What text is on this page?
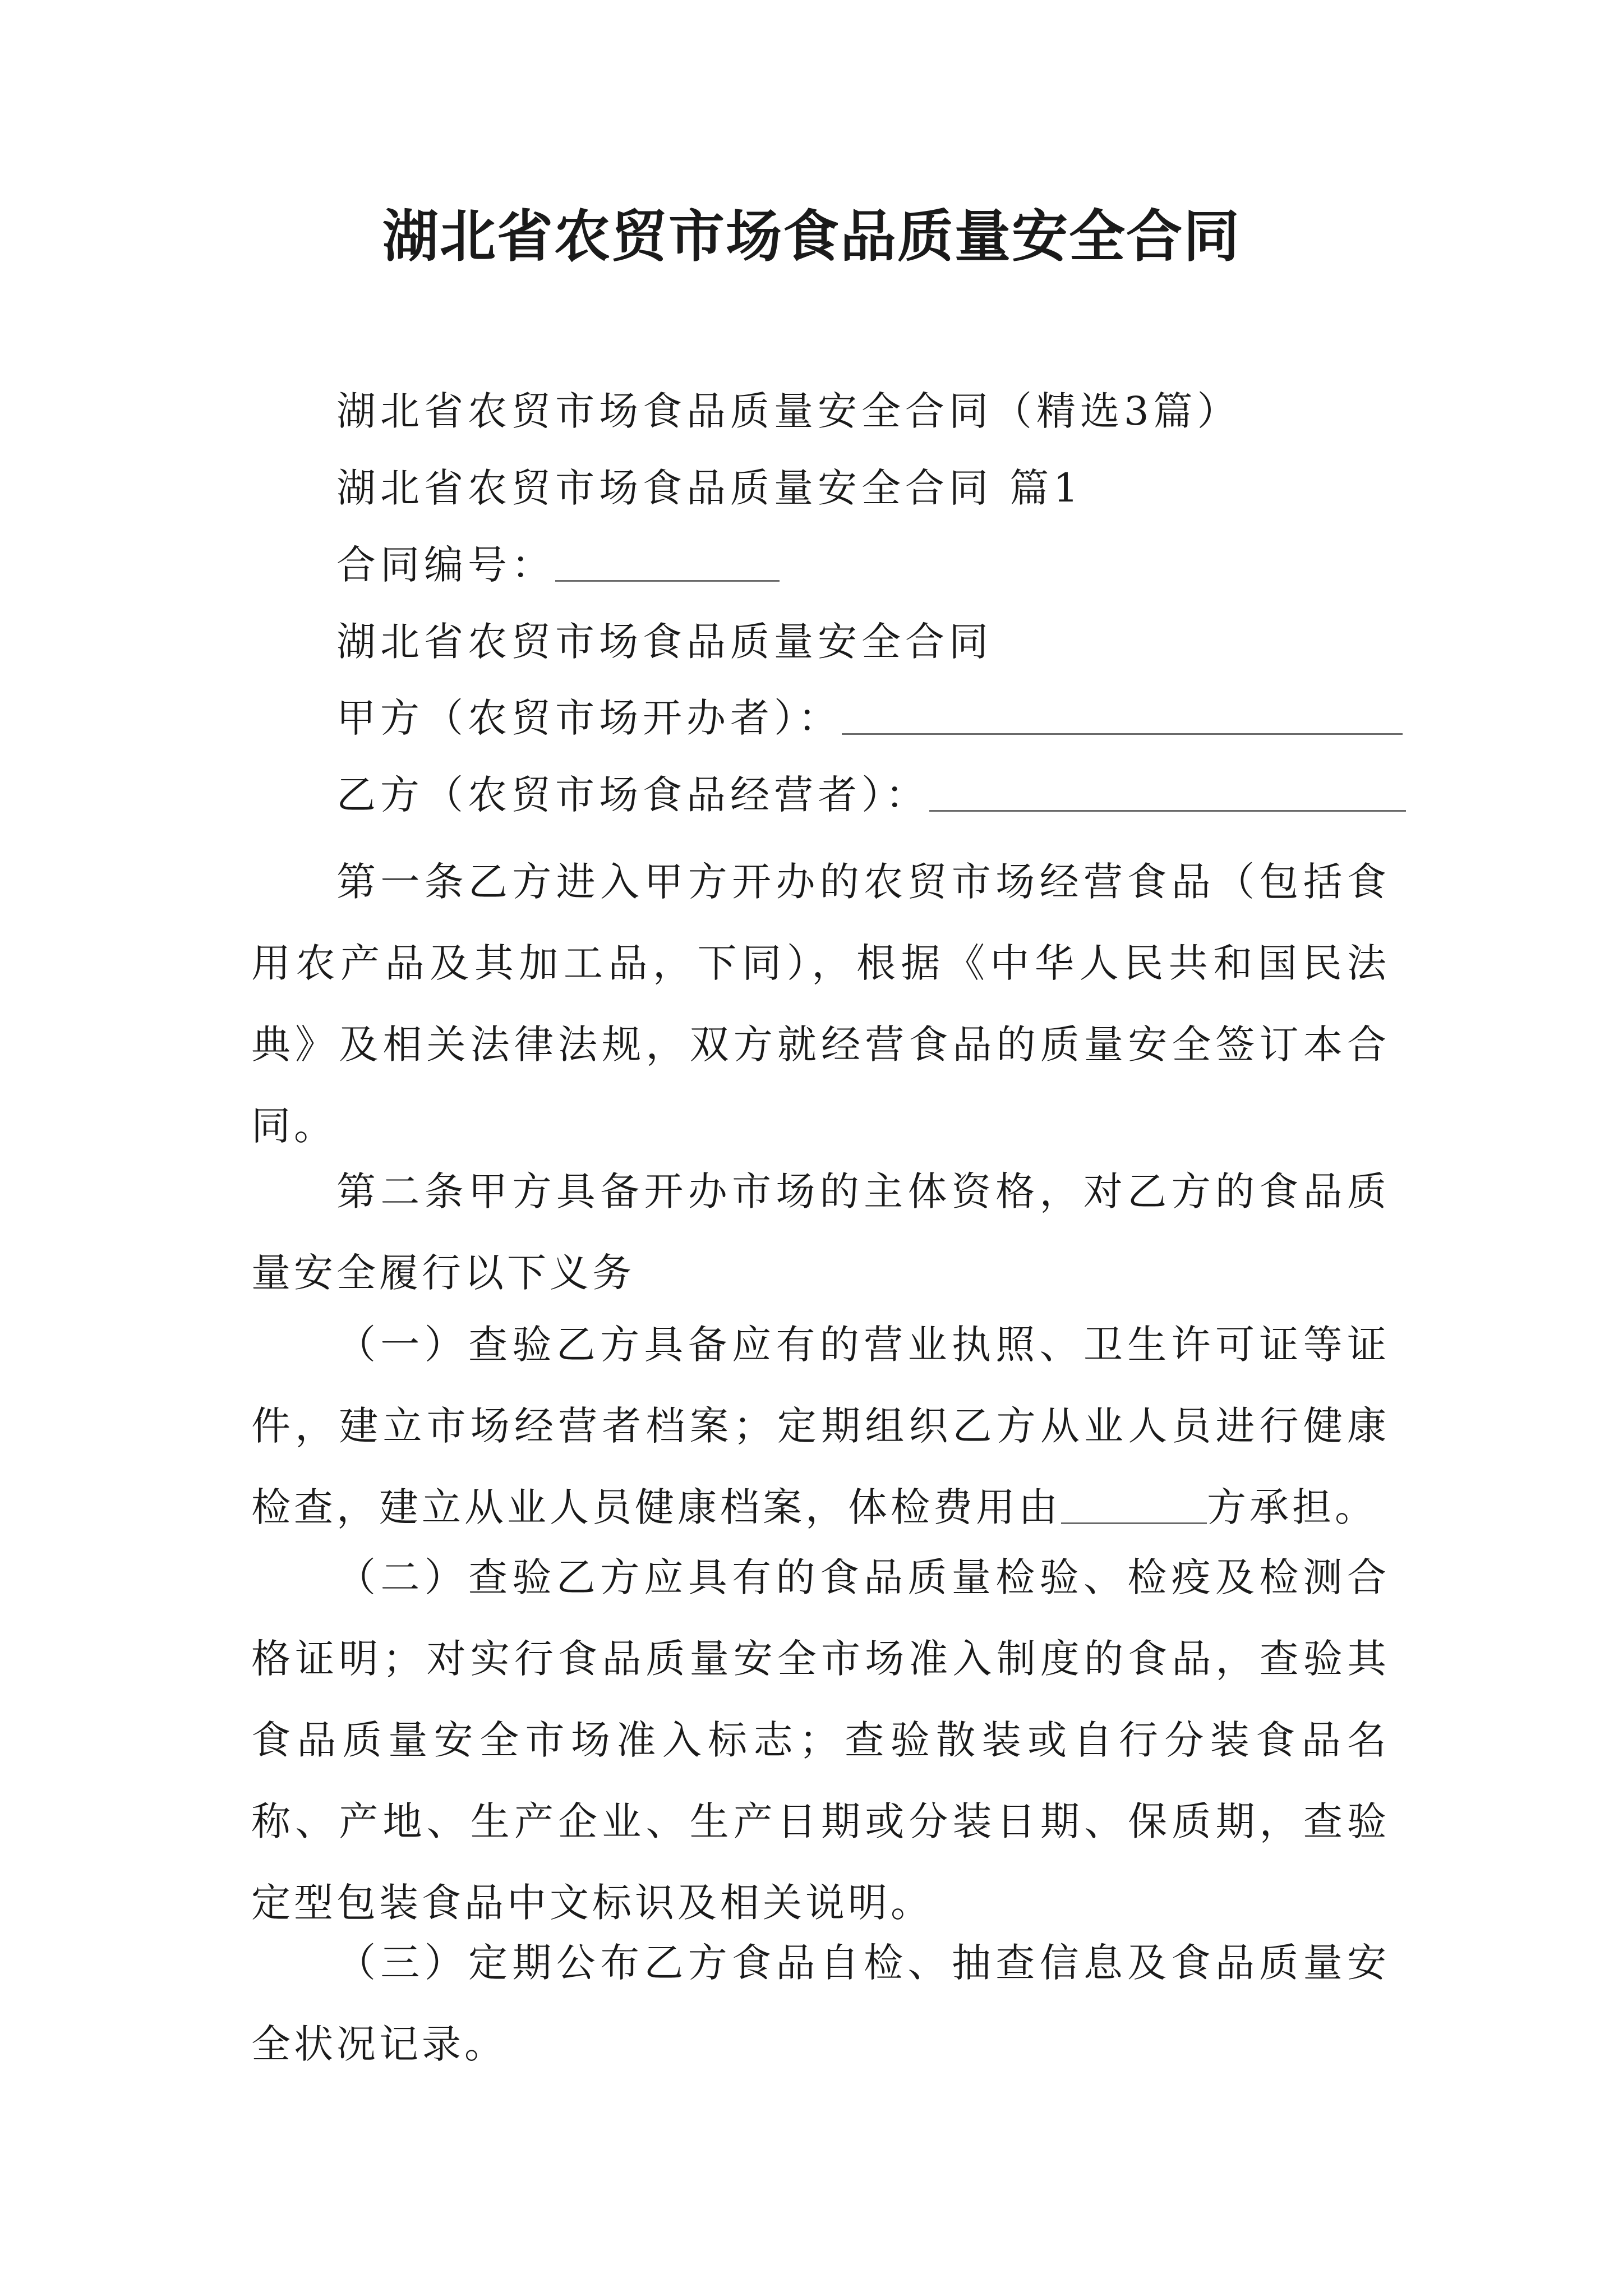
湖北省农贸市场食品质量安全合同

湖北省农贸市场食品质量安全合同（精选3篇）

湖北省农贸市场食品质量安全合同 篇1

合同编号：

湖北省农贸市场食品质量安全合同

甲方（农贸市场开办者）：

乙方（农贸市场食品经营者）：

第一条乙方进入甲方开办的农贸市场经营食品（包括食用农产品及其加工品，下同），根据《中华人民共和国民法典》及相关法律法规，双方就经营食品的质量安全签订本合同。

第二条甲方具备开办市场的主体资格，对乙方的食品质量安全履行以下义务

（一）查验乙方具备应有的营业执照、卫生许可证等证件，建立市场经营者档案；定期组织乙方从业人员进行健康检查，建立从业人员健康档案，体检费用由	方承担。

（二）查验乙方应具有的食品质量检验、检疫及检测合格证明；对实行食品质量安全市场准入制度的食品，查验其食品质量安全市场准入标志；查验散装或自行分装食品名称、产地、生产企业、生产日期或分装日期、保质期，查验定型包装食品中文标识及相关说明。

（三）定期公布乙方食品自检、抽查信息及食品质量安全状况记录。
